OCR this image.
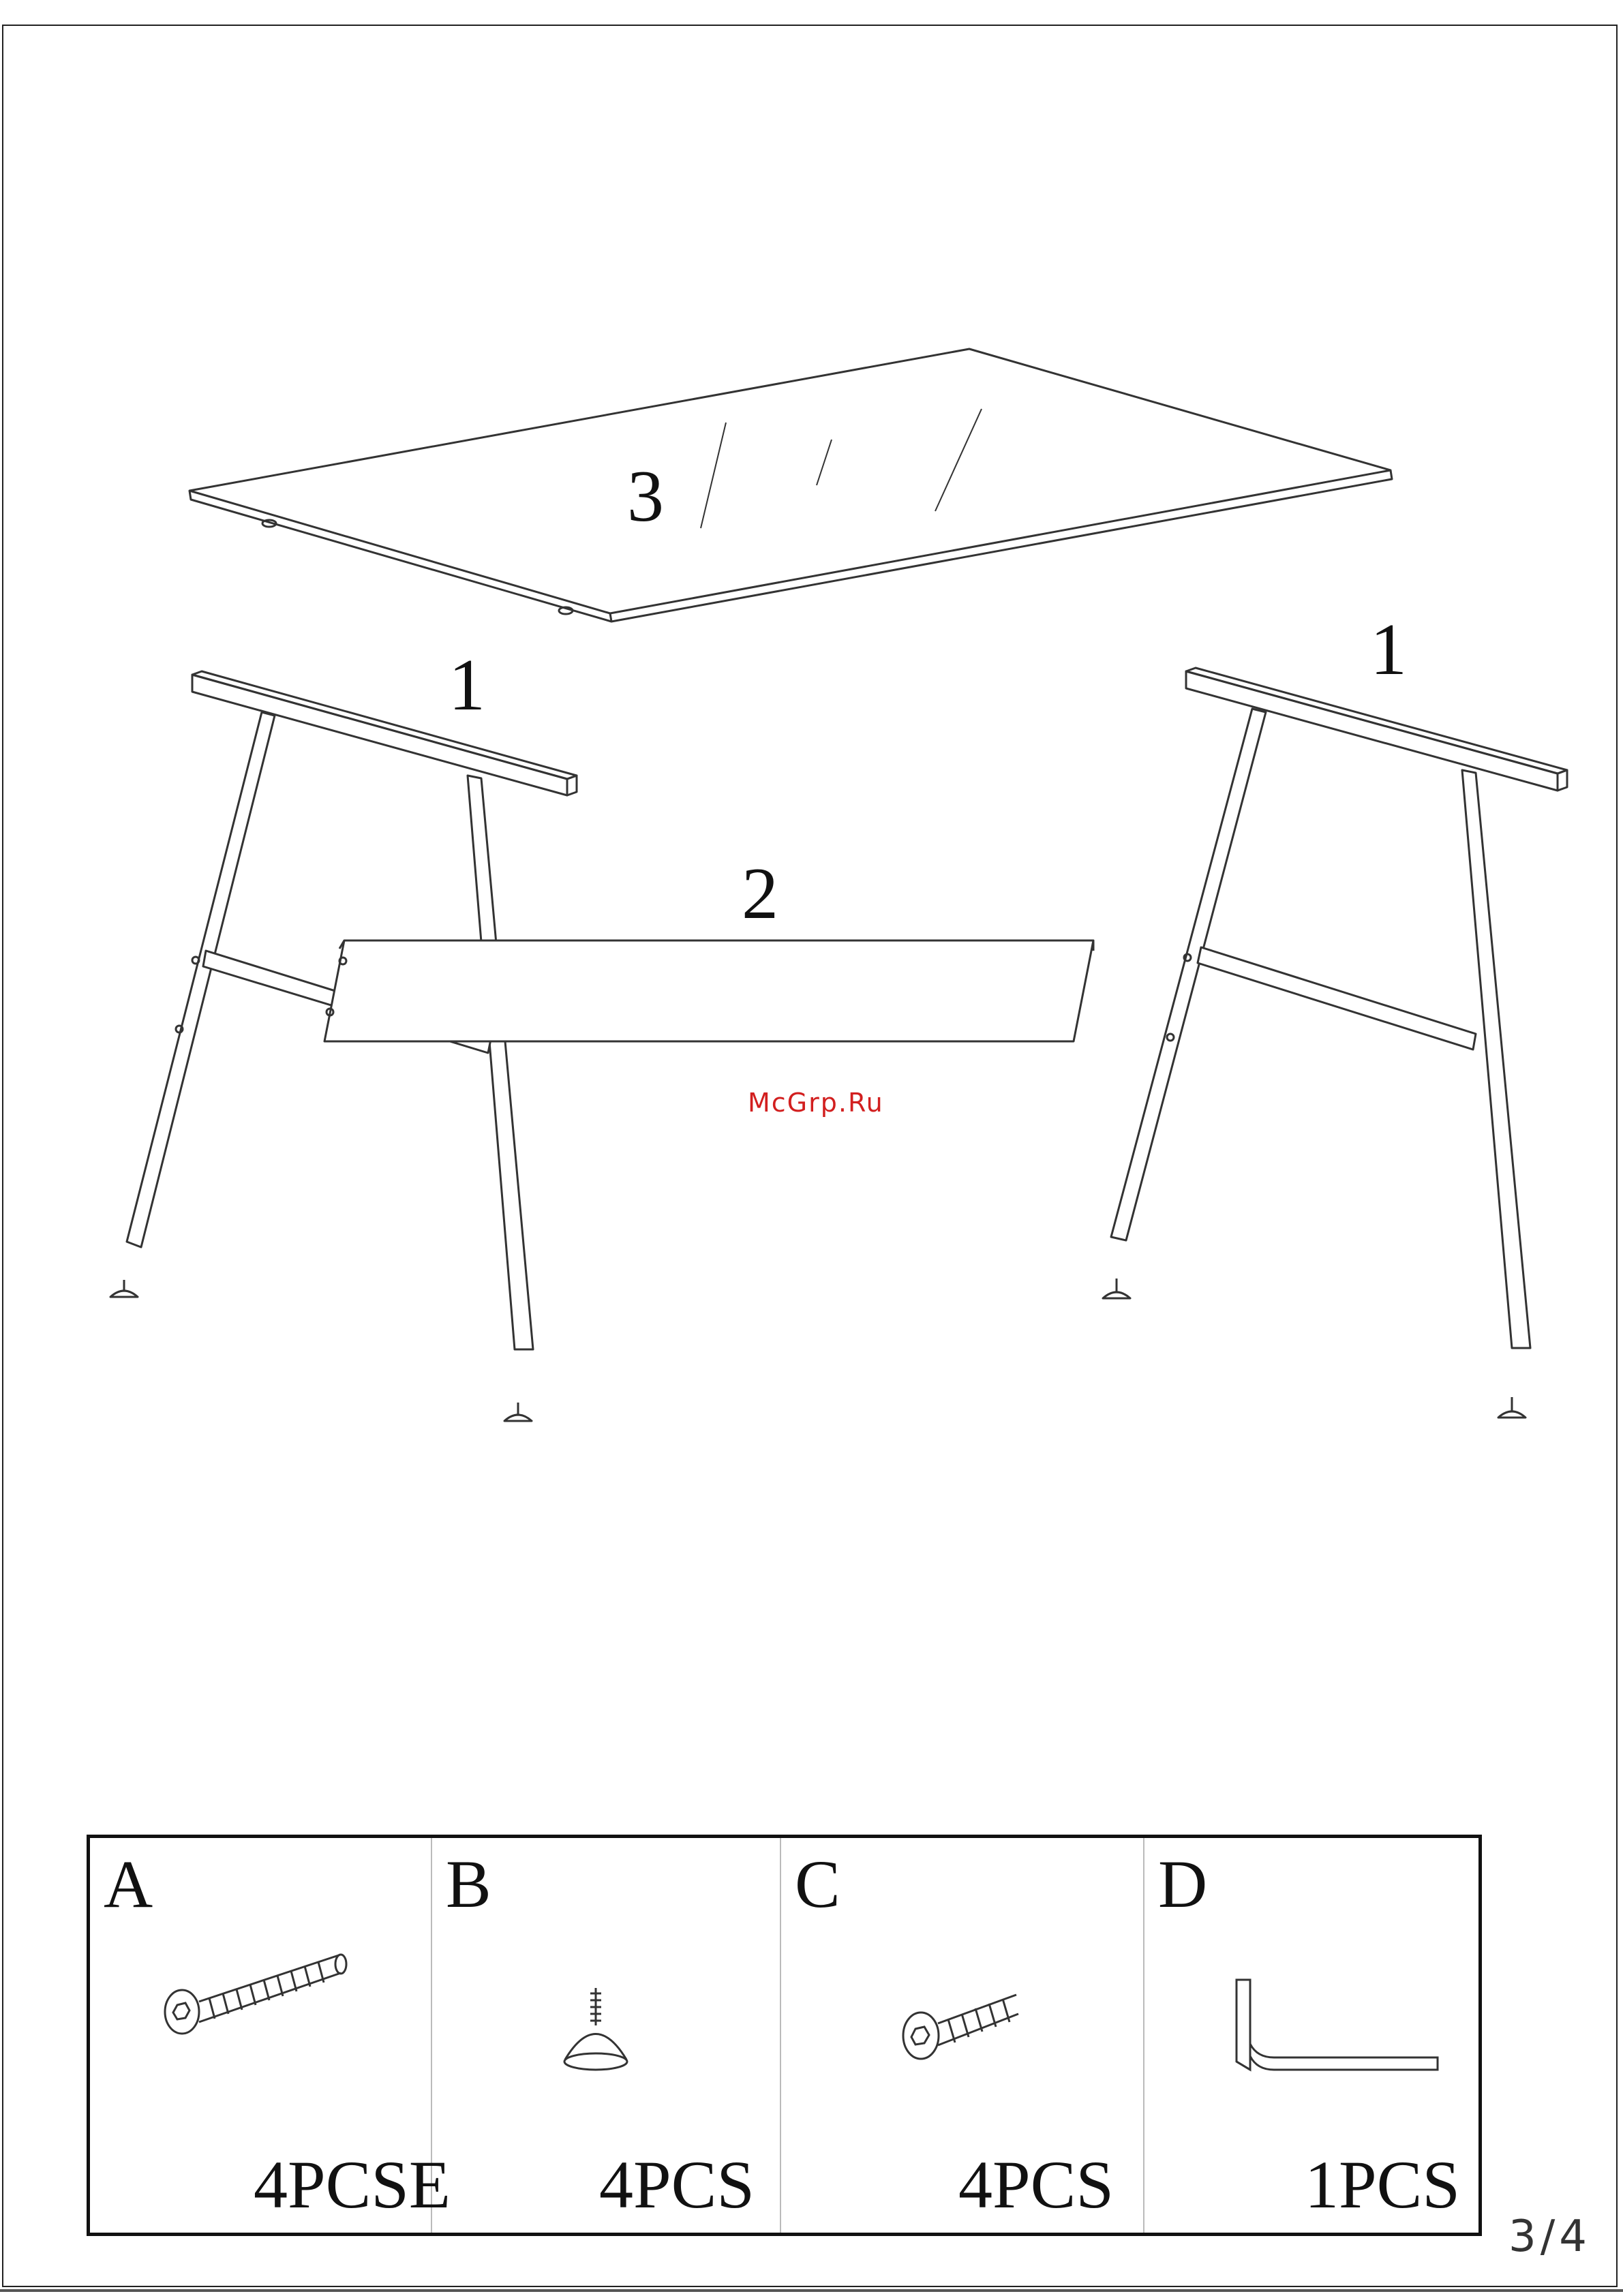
3
1	1
2
McGrp.Ru
A
4PCSE
B
4PCS
C
4PCS
D
1PCS
3/4
